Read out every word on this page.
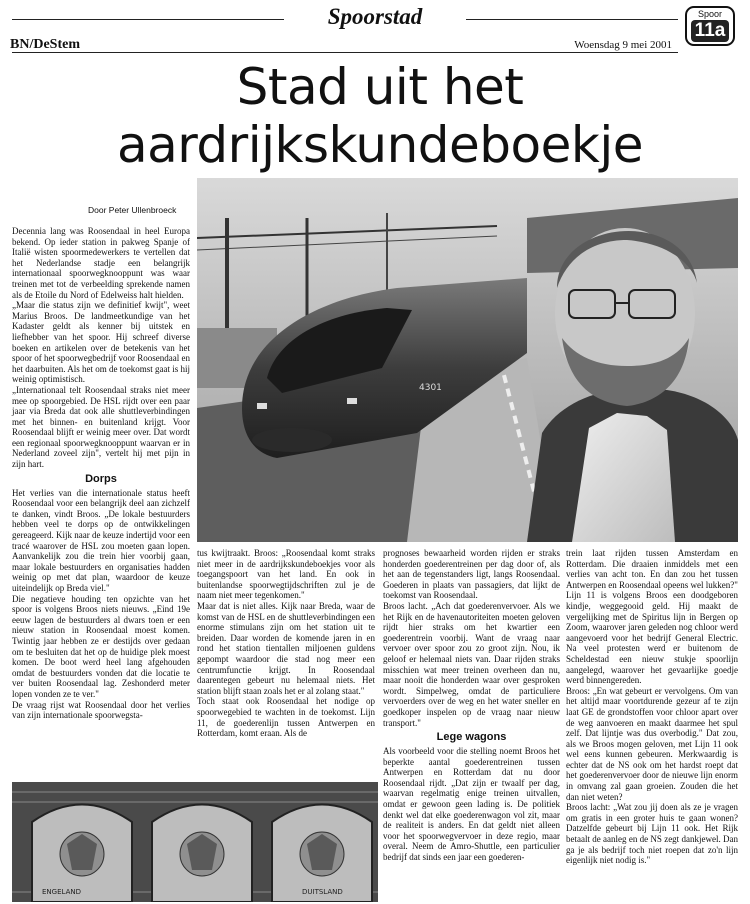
Spoorstad	Spoor
11a
BN/DeStem	Woensdag 9 mei 2001
Stad uit het
aardrijkskundeboekje
Door Peter Ullenbroeck
4301

Decennia lang was Roosendaal in heel Europa bekend. Op ieder station in pakweg Spanje of Italië wisten spoormedewerkers te vertellen dat het Nederlandse stadje een belangrijk internationaal spoorwegknooppunt was waar treinen met tot de verbeelding sprekende namen als de Etoile du Nord of Edelweiss halt hielden.

„Maar die status zijn we definitief kwijt", weet Marius Broos. De landmeetkundige van het Kadaster geldt als kenner bij uitstek en liefhebber van het spoor. Hij schreef diverse boeken en artikelen over de betekenis van het spoor of het spoorwegbedrijf voor Roosendaal en het daarbuiten. Als het om de toekomst gaat is hij weinig optimistisch.

„Internationaal telt Roosendaal straks niet meer mee op spoorgebied. De HSL rijdt over een paar jaar via Breda dat ook alle shuttleverbindingen met het binnen- en buitenland krijgt. Voor Roosendaal blijft er weinig meer over. Dat wordt een regionaal spoorwegknooppunt waarvan er in Nederland zoveel zijn", vertelt hij met pijn in zijn hart.

Dorps

Het verlies van die internationale status heeft Roosendaal voor een belangrijk deel aan zichzelf te danken, vindt Broos. „De lokale bestuurders hebben veel te dorps op de ontwikkelingen gereageerd. Kijk naar de keuze indertijd voor een tracé waarover de HSL zou moeten gaan lopen. Aanvankelijk zou die trein hier voorbij gaan, maar lokale bestuurders en organisaties hadden weinig op met dat plan, waardoor de keuze uiteindelijk op Breda viel."

Die negatieve houding ten opzichte van het spoor is volgens Broos niets nieuws. „Eind 19e eeuw lagen de bestuurders al dwars toen er een nieuw station in Roosendaal moest komen. Twintig jaar hebben ze er destijds over gedaan om te besluiten dat het op de huidige plek moest komen. De boot werd heel lang afgehouden omdat de bestuurders vonden dat die locatie te ver buiten Roosendaal lag. Zeshonderd meter lopen vonden ze te ver."

De vraag rijst wat Roosendaal door het verlies van zijn internationale spoorwegsta-

tus kwijtraakt. Broos: „Roosendaal komt straks niet meer in de aardrijkskundeboekjes voor als toegangspoort van het land. En ook in buitenlandse spoorwegtijdschriften zul je de naam niet meer tegenkomen."

Maar dat is niet alles. Kijk naar Breda, waar de komst van de HSL en de shuttleverbindingen een enorme stimulans zijn om het station uit te breiden. Daar worden de komende jaren in en rond het station tientallen miljoenen guldens gepompt waardoor die stad nog meer een centrumfunctie krijgt. In Roosendaal daarentegen gebeurt nu helemaal niets. Het station blijft staan zoals het er al zolang staat."

Toch staat ook Roosendaal het nodige op spoorwegebied te wachten in de toekomst. Lijn 11, de goederenlijn tussen Antwerpen en Rotterdam, komt eraan. Als de

prognoses bewaarheid worden rijden er straks honderden goederentreinen per dag door of, als het aan de tegenstanders ligt, langs Roosendaal. Goederen in plaats van passagiers, dat lijkt de toekomst van Roosendaal.

Broos lacht. „Ach dat goederenvervoer. Als we het Rijk en de havenautoriteiten moeten geloven rijdt hier straks om het kwartier een goederentrein voorbij. Want de vraag naar vervoer over spoor zou zo groot zijn. Nou, ik geloof er helemaal niets van. Daar rijden straks misschien wat meer treinen overheen dan nu, maar nooit die honderden waar over gesproken wordt. Simpelweg, omdat de particuliere vervoerders over de weg en het water sneller en goedkoper inspelen op de vraag naar nieuw transport."

Lege wagons

Als voorbeeld voor die stelling noemt Broos het beperkte aantal goederentreinen tussen Antwerpen en Rotterdam dat nu door Roosendaal rijdt. „Dat zijn er twaalf per dag, waarvan regelmatig enige treinen uitvallen, omdat er gewoon geen lading is. De politiek denkt wel dat elke goederenwagon vol zit, maar de realiteit is anders. En dat geldt niet alleen voor het spoorwegvervoer in deze regio, maar overal. Neem de Amro-Shuttle, een particulier bedrijf dat sinds een jaar een goederen-

trein laat rijden tussen Amsterdam en Rotterdam. Die draaien inmiddels met een verlies van acht ton. En dan zou het tussen Antwerpen en Roosendaal opeens wel lukken?"

Lijn 11 is volgens Broos een doodgeboren kindje, weggegooid geld. Hij maakt de vergelijking met de Spiritus lijn in Bergen op Zoom, waarover jaren geleden nog chloor werd aangevoerd voor het bedrijf General Electric. Na veel protesten werd er buitenom de Scheldestad een nieuw stukje spoorlijn aangelegd, waarover het gevaarlijke goedje werd binnengereden.

Broos: „En wat gebeurt er vervolgens. Om van het altijd maar voortdurende gezeur af te zijn laat GE de grondstoffen voor chloor apart over de weg aanvoeren en maakt daarmee het spul zelf. Dat lijntje was dus overbodig." Dat zou, als we Broos mogen geloven, met Lijn 11 ook wel eens kunnen gebeuren. Merkwaardig is echter dat de NS ook om het hardst roept dat het goederenvervoer door de nieuwe lijn enorm in omvang zal gaan groeien. Zouden die het dan niet weten?

Broos lacht: „Wat zou jij doen als ze je vragen om gratis in een groter huis te gaan wonen? Datzelfde gebeurt bij Lijn 11 ook. Het Rijk betaalt de aanleg en de NS zegt dankjewel. Dan ga je als bedrijf toch niet roepen dat zo'n lijn eigenlijk niet nodig is."

ENGELAND	DUITSLAND
